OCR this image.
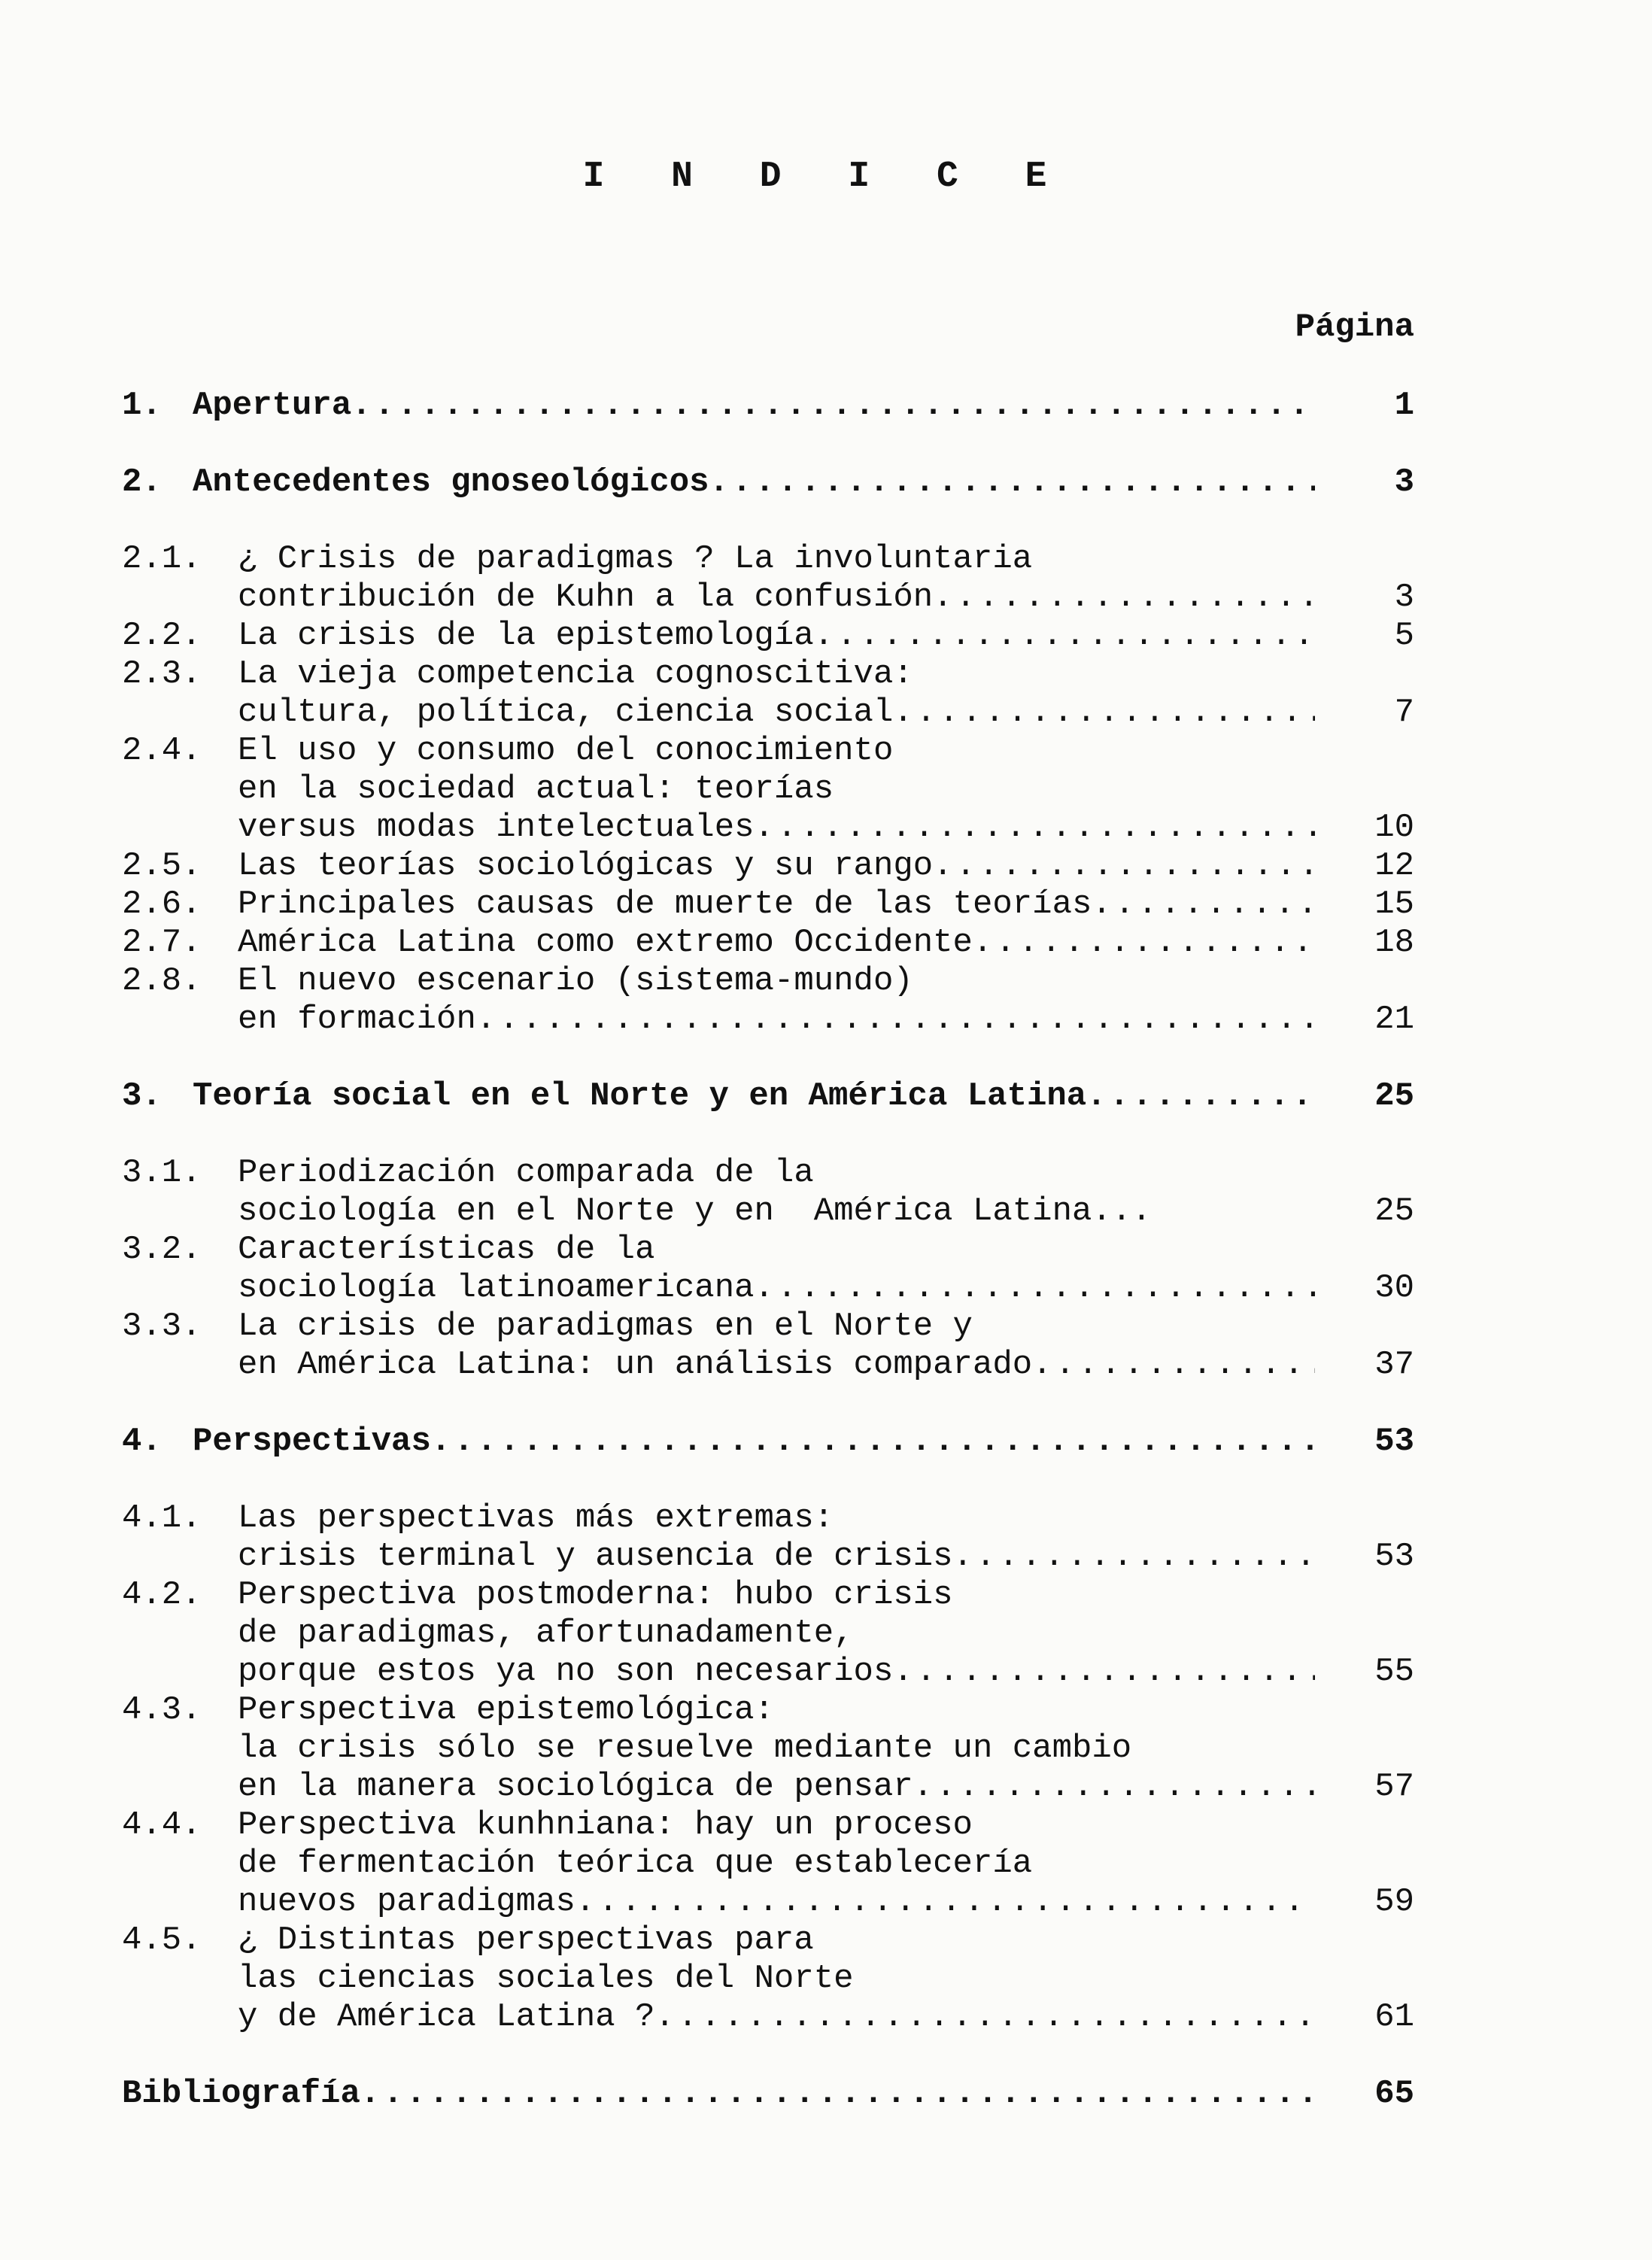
I N D I C E
Página
1. Apertura .....	1
2. Antecedentes gnoseológicos .....	3
2.1.	¿ Crisis de paradigmas ? La involuntaria
contribución de Kuhn a la confusión .....	3
2.2.	La crisis de la epistemología .....	5
2.3.	La vieja competencia cognoscitiva:
cultura, política, ciencia social .....	7
2.4.	El uso y consumo del conocimiento
en la sociedad actual: teorías
versus modas intelectuales .....	10
2.5.	Las teorías sociológicas y su rango .....	12
2.6.	Principales causas de muerte de las teorías .....	15
2.7.	América Latina como extremo Occidente .....	18
2.8.	El nuevo escenario (sistema-mundo)
en formación .....	21
3. Teoría social en el Norte y en América Latina .....	25
3.1.	Periodización comparada de la
sociología en el Norte y en  América Latina...	25
3.2.	Características de la
sociología latinoamericana .....	30
3.3.	La crisis de paradigmas en el Norte y
en América Latina: un análisis comparado .....	37
4. Perspectivas .....	53
4.1.	Las perspectivas más extremas:
crisis terminal y ausencia de crisis .....	53
4.2.	Perspectiva postmoderna: hubo crisis
de paradigmas, afortunadamente,
porque estos ya no son necesarios .....	55
4.3.	Perspectiva epistemológica:
la crisis sólo se resuelve mediante un cambio
en la manera sociológica de pensar .....	57
4.4.	Perspectiva kunhniana: hay un proceso
de fermentación teórica que establecería
nuevos paradigmas .....	59
4.5.	¿ Distintas perspectivas para
las ciencias sociales del Norte
y de América Latina ? .....	61
Bibliografía .....	65
